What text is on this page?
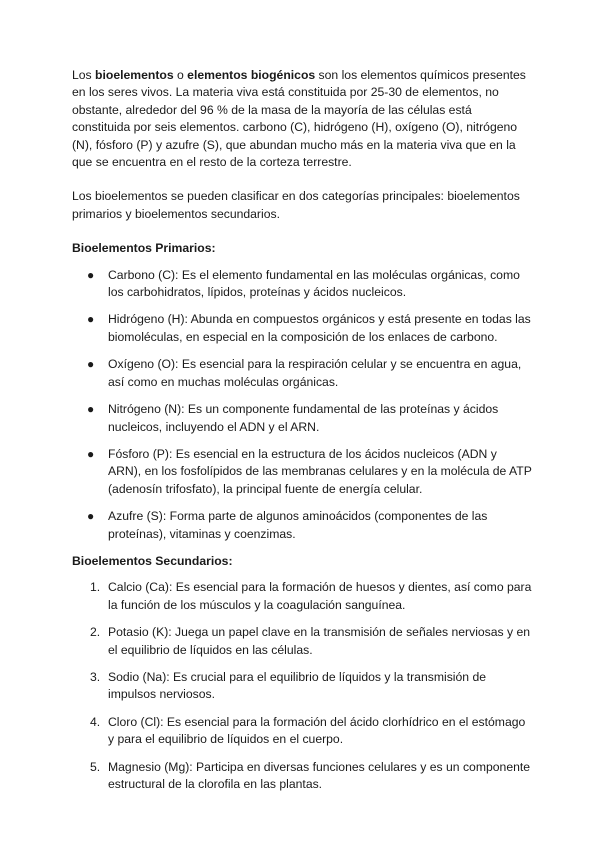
Los bioelementos o elementos biogénicos son los elementos químicos presentes en los seres vivos. La materia viva está constituida por 25-30 de elementos, no obstante, alrededor del 96 % de la masa de la mayoría de las células está constituida por seis elementos. carbono (C), hidrógeno (H), oxígeno (O), nitrógeno (N), fósforo (P) y azufre (S), que abundan mucho más en la materia viva que en la que se encuentra en el resto de la corteza terrestre.

Los bioelementos se pueden clasificar en dos categorías principales: bioelementos primarios y bioelementos secundarios.

Bioelementos Primarios:

● Carbono (C): Es el elemento fundamental en las moléculas orgánicas, como los carbohidratos, lípidos, proteínas y ácidos nucleicos.
● Hidrógeno (H): Abunda en compuestos orgánicos y está presente en todas las biomoléculas, en especial en la composición de los enlaces de carbono.
● Oxígeno (O): Es esencial para la respiración celular y se encuentra en agua, así como en muchas moléculas orgánicas.
● Nitrógeno (N): Es un componente fundamental de las proteínas y ácidos nucleicos, incluyendo el ADN y el ARN.
● Fósforo (P): Es esencial en la estructura de los ácidos nucleicos (ADN y ARN), en los fosfolípidos de las membranas celulares y en la molécula de ATP (adenosín trifosfato), la principal fuente de energía celular.
● Azufre (S): Forma parte de algunos aminoácidos (componentes de las proteínas), vitaminas y coenzimas.

Bioelementos Secundarios:

1. Calcio (Ca): Es esencial para la formación de huesos y dientes, así como para la función de los músculos y la coagulación sanguínea.
2. Potasio (K): Juega un papel clave en la transmisión de señales nerviosas y en el equilibrio de líquidos en las células.
3. Sodio (Na): Es crucial para el equilibrio de líquidos y la transmisión de impulsos nerviosos.
4. Cloro (Cl): Es esencial para la formación del ácido clorhídrico en el estómago y para el equilibrio de líquidos en el cuerpo.
5. Magnesio (Mg): Participa en diversas funciones celulares y es un componente estructural de la clorofila en las plantas.
